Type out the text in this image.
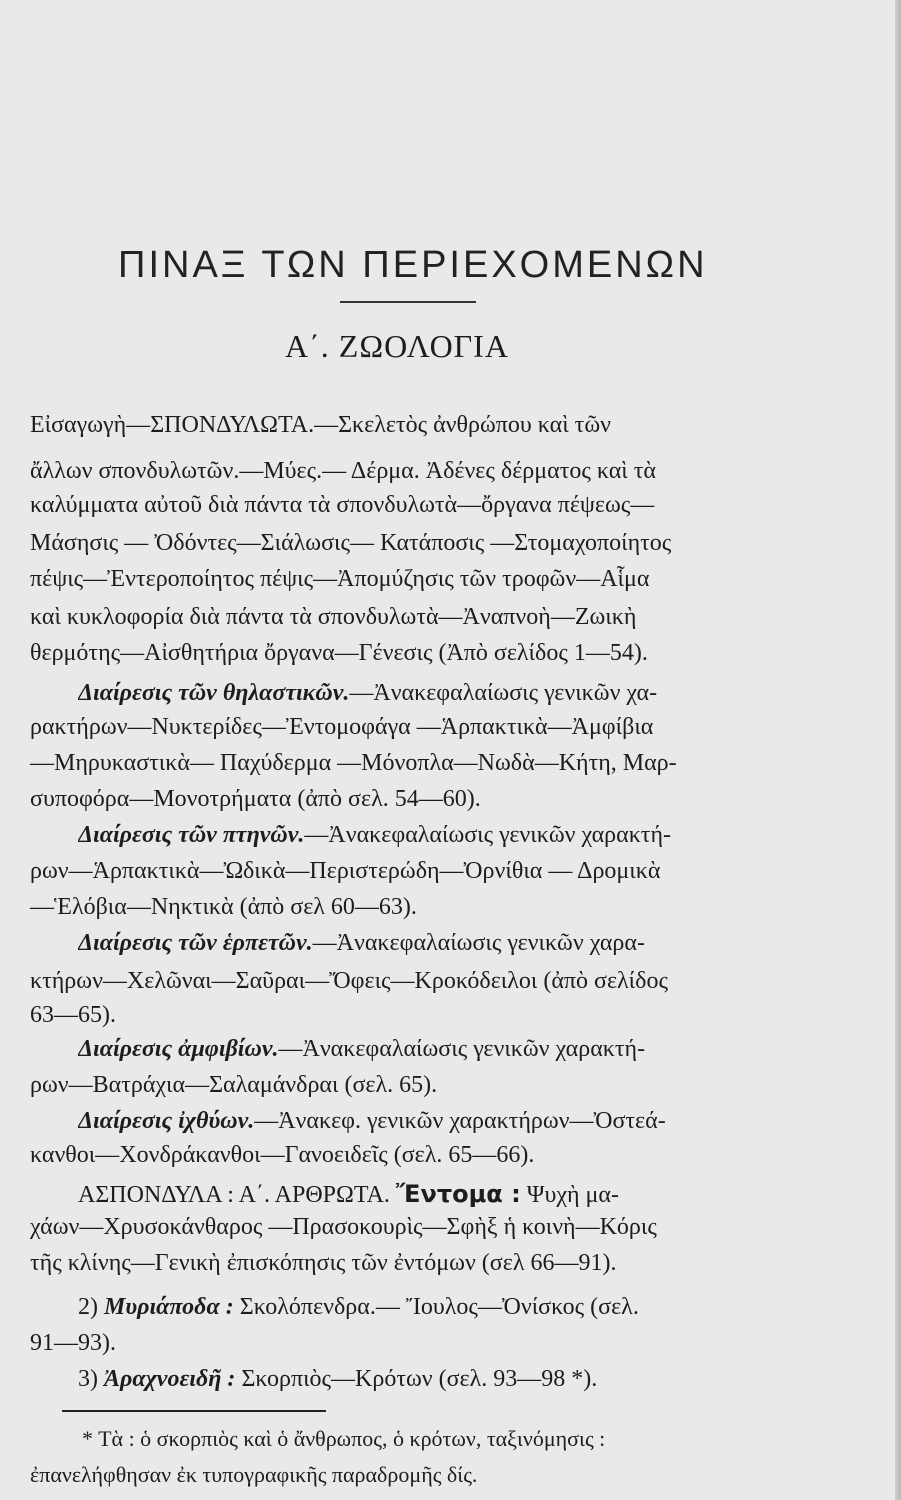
ΠΙΝΑΞ ΤΩΝ ΠΕΡΙΕΧΟΜΕΝΩΝ
Α΄. ΖΩΟΛΟΓΙΑ
Εἰσαγωγὴ—ΣΠΟΝΔΥΛΩΤΑ.—Σκελετὸς ἀνθρώπου καὶ τῶν
ἄλλων σπονδυλωτῶν.—Μύες.— Δέρμα. Ἀδένες δέρματος καὶ τὰ
καλύμματα αὐτοῦ διὰ πάντα τὰ σπονδυλωτὰ—ὄργανα πέψεως—
Μάσησις — Ὀδόντες—Σιάλωσις— Κατάποσις —Στομαχοποίητος
πέψις—Ἐντεροποίητος πέψις—Ἀπομύζησις τῶν τροφῶν—Αἷμα
καὶ κυκλοφορία διὰ πάντα τὰ σπονδυλωτὰ—Ἀναπνοὴ—Ζωικὴ
θερμότης—Αἰσθητήρια ὄργανα—Γένεσις (Ἀπὸ σελίδος 1—54).
Διαίρεσις τῶν θηλαστικῶν.—Ἀνακεφαλαίωσις γενικῶν χα-
ρακτήρων—Νυκτερίδες—Ἐντομοφάγα —Ἁρπακτικὰ—Ἀμφίβια
—Μηρυκαστικὰ— Παχύδερμα —Μόνοπλα—Νωδὰ—Κήτη, Μαρ-
συποφόρα—Μονοτρήματα (ἀπὸ σελ. 54—60).
Διαίρεσις τῶν πτηνῶν.—Ἀνακεφαλαίωσις γενικῶν χαρακτή-
ρων—Ἁρπακτικὰ—Ὠδικὰ—Περιστερώδη—Ὀρνίθια — Δρομικὰ
—Ἑλόβια—Νηκτικὰ (ἀπὸ σελ 60—63).
Διαίρεσις τῶν ἑρπετῶν.—Ἀνακεφαλαίωσις γενικῶν χαρα-
κτήρων—Χελῶναι—Σαῦραι—Ὄφεις—Κροκόδειλοι (ἀπὸ σελίδος
63—65).
Διαίρεσις ἀμφιβίων.—Ἀνακεφαλαίωσις γενικῶν χαρακτή-
ρων—Βατράχια—Σαλαμάνδραι (σελ. 65).
Διαίρεσις ἰχθύων.—Ἀνακεφ. γενικῶν χαρακτήρων—Ὀστεά-
κανθοι—Χονδράκανθοι—Γανοειδεῖς (σελ. 65—66).
ΑΣΠΟΝΔΥΛΑ : Α΄. ΑΡΘΡΩΤΑ. Ἔντομα : Ψυχὴ μα-
χάων—Χρυσοκάνθαρος —Πρασοκουρὶς—Σφὴξ ἡ κοινὴ—Κόρις
τῆς κλίνης—Γενικὴ ἐπισκόπησις τῶν ἐντόμων (σελ 66—91).
2) Μυριάποδα : Σκολόπενδρα.— Ἴουλος—Ὀνίσκος (σελ.
91—93).
3) Ἀραχνοειδῆ : Σκορπιὸς—Κρότων (σελ. 93—98 *).
* Τὰ : ὁ σκορπιὸς καὶ ὁ ἄνθρωπος, ὁ κρότων, ταξινόμησις :
ἐπανελήφθησαν ἐκ τυπογραφικῆς παραδρομῆς δίς.
